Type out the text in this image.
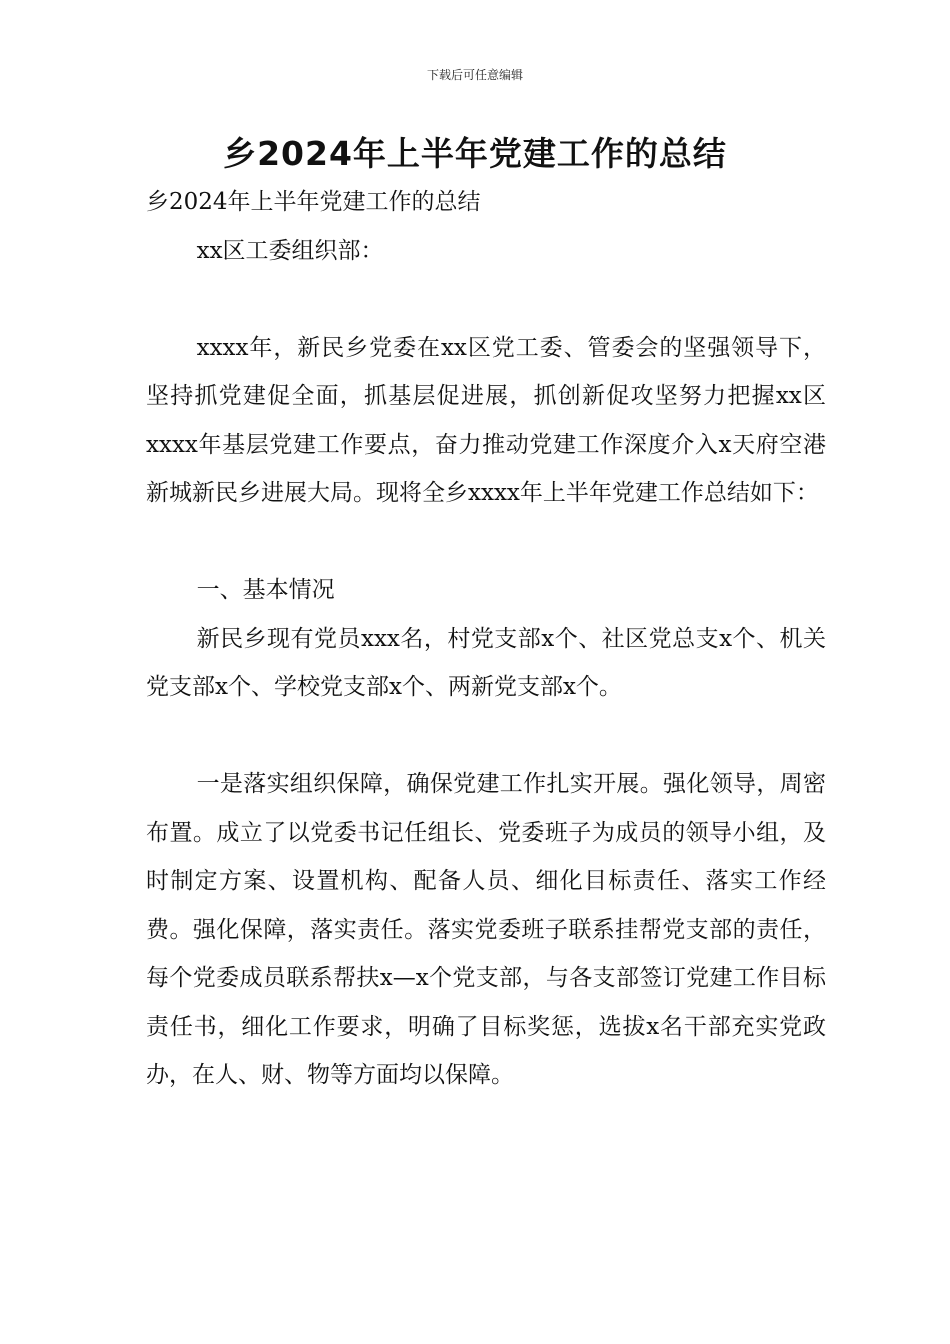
下载后可任意编辑
乡2024年上半年党建工作的总结

乡2024年上半年党建工作的总结

xx区工委组织部：

xxxx年，新民乡党委在xx区党工委、管委会的坚强领导下，坚持抓党建促全面，抓基层促进展，抓创新促攻坚努力把握xx区xxxx年基层党建工作要点，奋力推动党建工作深度介入x天府空港新城新民乡进展大局。现将全乡xxxx年上半年党建工作总结如下：

一、基本情况

新民乡现有党员xxx名，村党支部x个、社区党总支x个、机关党支部x个、学校党支部x个、两新党支部x个。

一是落实组织保障，确保党建工作扎实开展。强化领导，周密布置。成立了以党委书记任组长、党委班子为成员的领导小组，及时制定方案、设置机构、配备人员、细化目标责任、落实工作经费。强化保障，落实责任。落实党委班子联系挂帮党支部的责任，每个党委成员联系帮扶x—x个党支部，与各支部签订党建工作目标责任书，细化工作要求，明确了目标奖惩，选拔x名干部充实党政办，在人、财、物等方面均以保障。
